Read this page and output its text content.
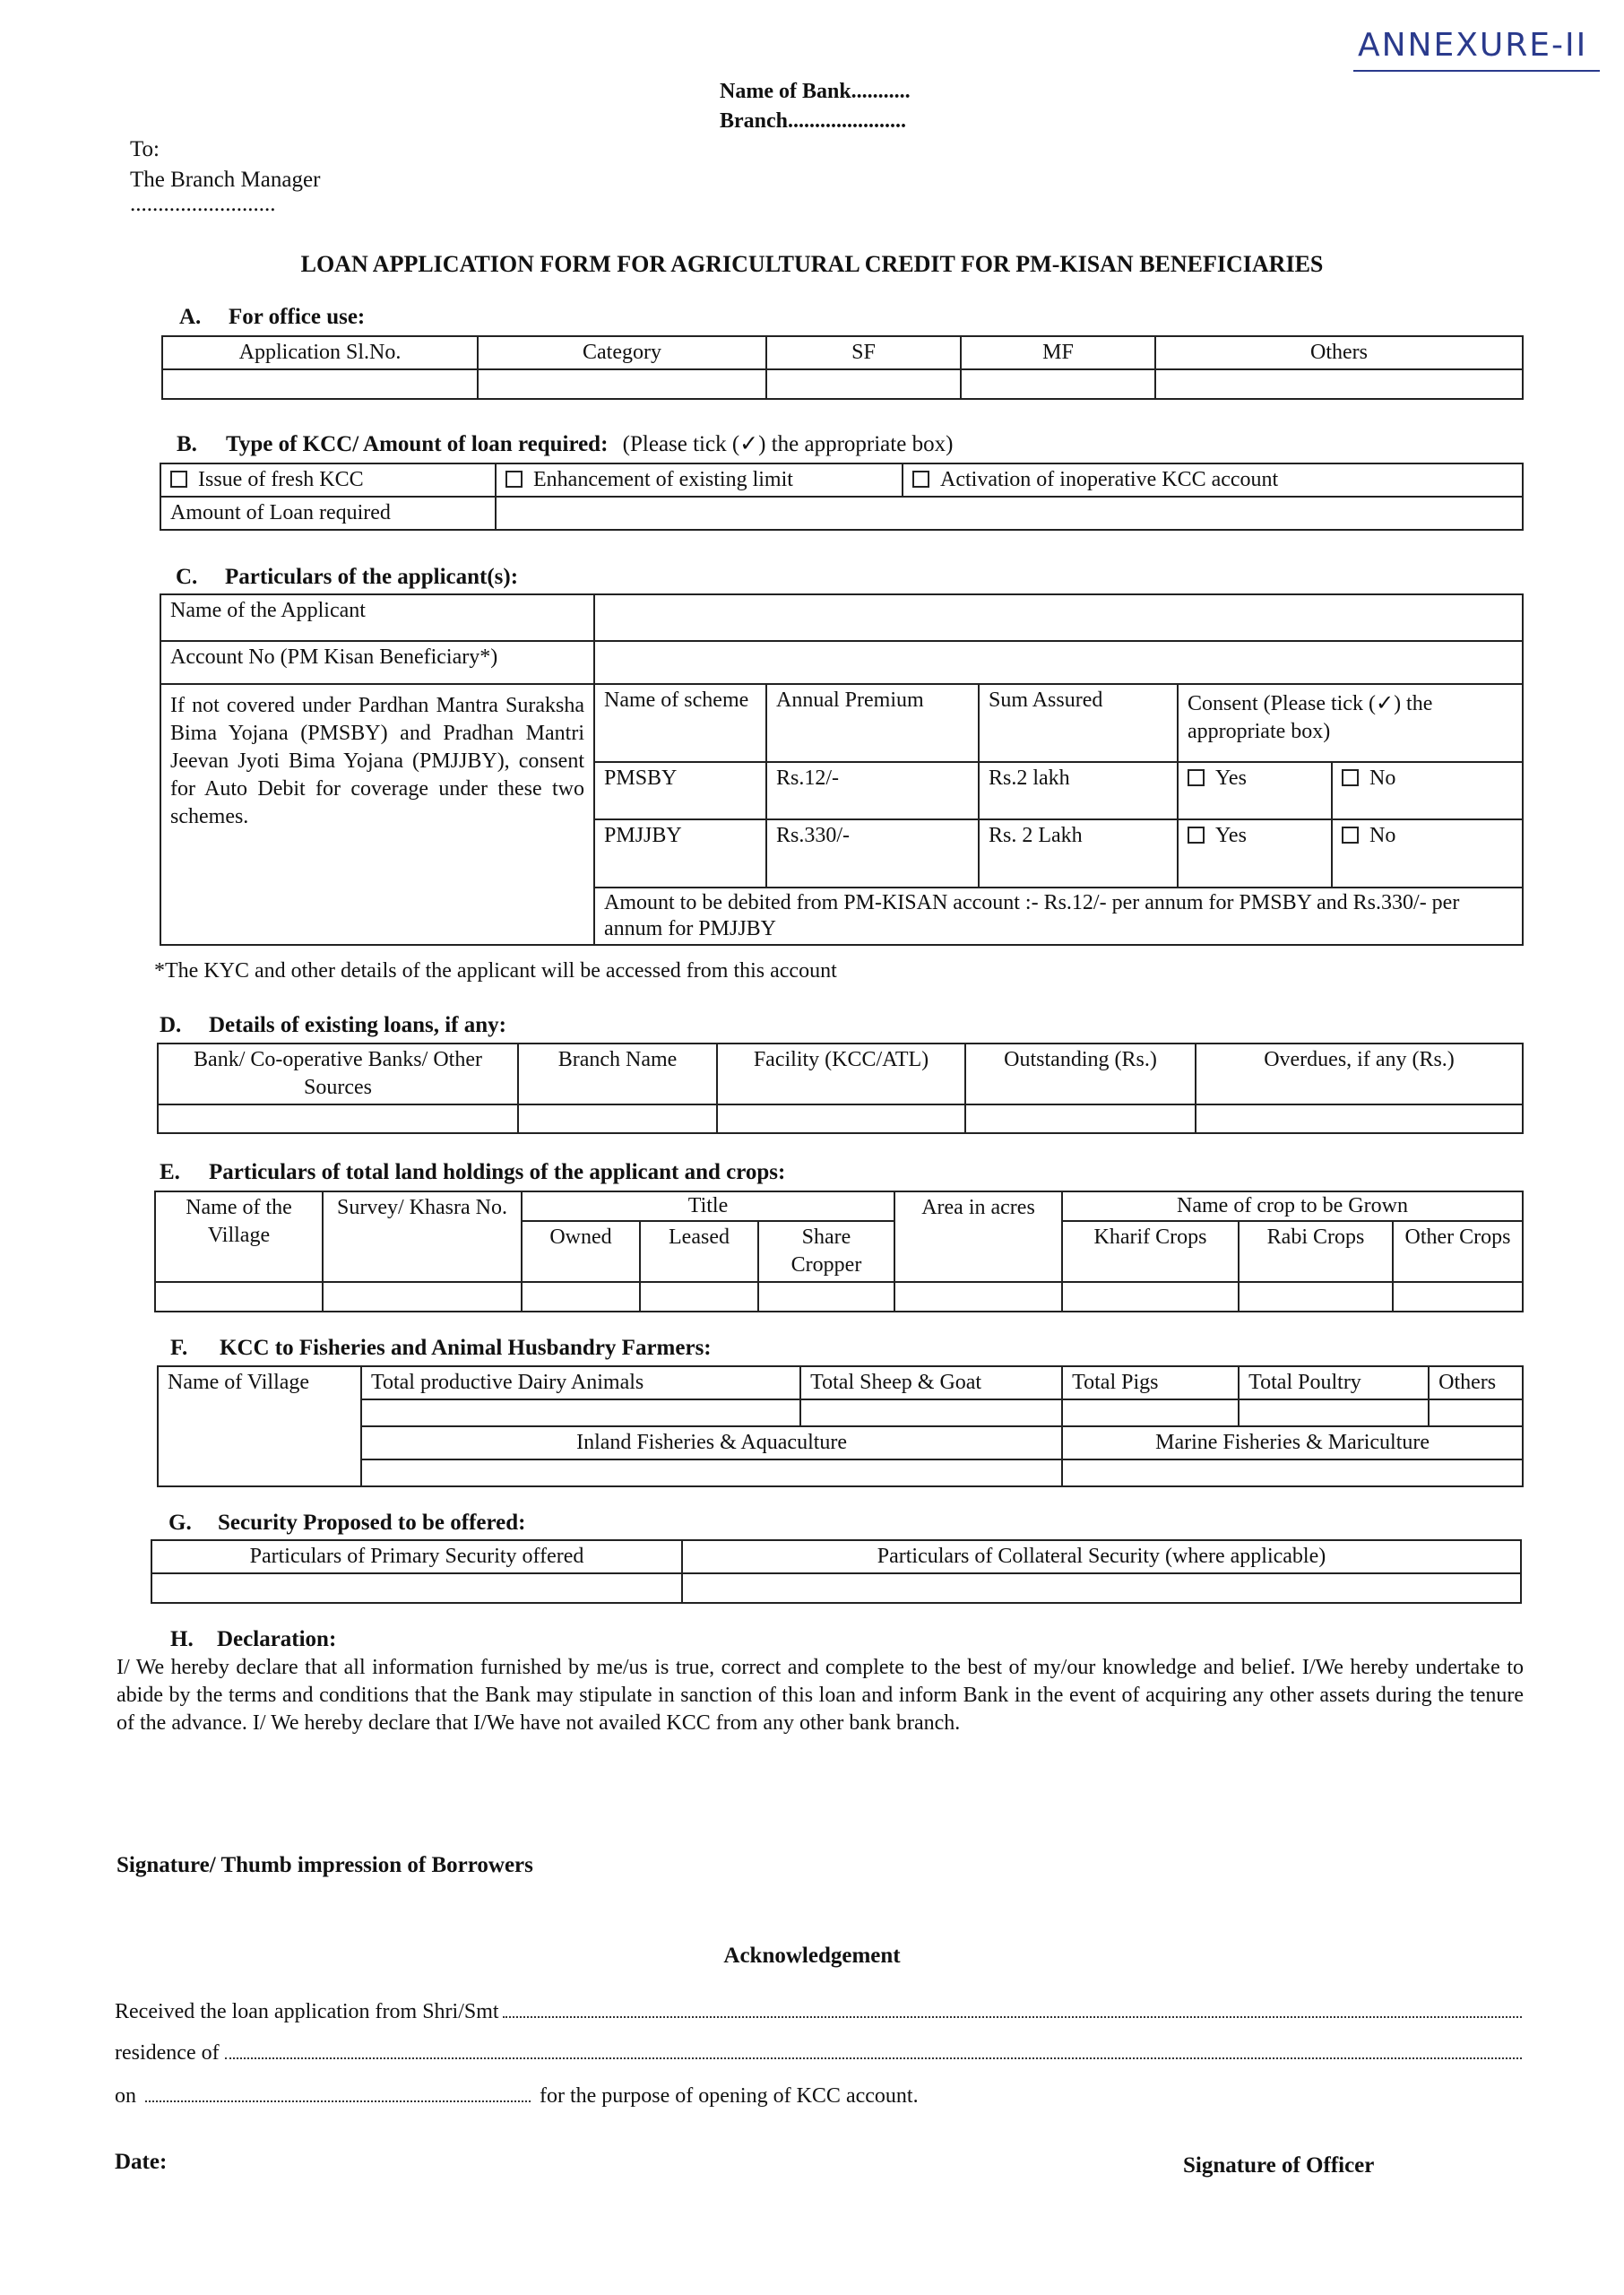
ANNEXURE-II
Name of Bank...........
Branch......................
To:
The Branch Manager
..........................
LOAN APPLICATION FORM FOR AGRICULTURAL CREDIT FOR PM-KISAN BENEFICIARIES
A. For office use:
Application Sl.No.	Category	SF	MF	Others

B. Type of KCC/ Amount of loan required: (Please tick (✓) the appropriate box)
Issue of fresh KCC	Enhancement of existing limit	Activation of inoperative KCC account
Amount of Loan required		
C. Particulars of the applicant(s):
Name of the Applicant	
Account No (PM Kisan Beneficiary*)	
If not covered under Pardhan Mantra Suraksha Bima Yojana (PMSBY) and Pradhan Mantri Jeevan Jyoti Bima Yojana (PMJJBY), consent for Auto Debit for coverage under these two schemes.	
Name of scheme	Annual Premium	Sum Assured	Consent (Please tick (✓) the appropriate box)
PMSBY	Rs.12/-	Rs.2 lakh	Yes	No
PMJJBY	Rs.330/-	Rs. 2 Lakh	Yes	No
Amount to be debited from PM-KISAN account :- Rs.12/- per annum for PMSBY and Rs.330/- per annum for PMJJBY
*The KYC and other details of the applicant will be accessed from this account
D. Details of existing loans, if any:
Bank/ Co-operative Banks/ Other Sources	Branch Name	Facility (KCC/ATL)	Outstanding (Rs.)	Overdues, if any (Rs.)

E. Particulars of total land holdings of the applicant and crops:
Name of the Village	Survey/ Khasra No.	Title			Area in acres	Name of crop to be Grown		
		Owned	Leased	Share Cropper		Kharif Crops	Rabi Crops	Other Crops

F. KCC to Fisheries and Animal Husbandry Farmers:
Name of Village	Total productive Dairy Animals	Total Sheep & Goat	Total Pigs	Total Poultry	Others

	Inland Fisheries & Aquaculture		Marine Fisheries & Mariculture		

G. Security Proposed to be offered:
Particulars of Primary Security offered	Particulars of Collateral Security (where applicable)

H. Declaration:
I/ We hereby declare that all information furnished by me/us is true, correct and complete to the best of my/our knowledge and belief. I/We hereby undertake to abide by the terms and conditions that the Bank may stipulate in sanction of this loan and inform Bank in the event of acquiring any other assets during the tenure of the advance. I/ We hereby declare that I/We have not availed KCC from any other bank branch.
Signature/ Thumb impression of Borrowers
Acknowledgement
Received the loan application from Shri/Smt
residence of
on	for the purpose of opening of KCC account.
Date:	Signature of Officer
